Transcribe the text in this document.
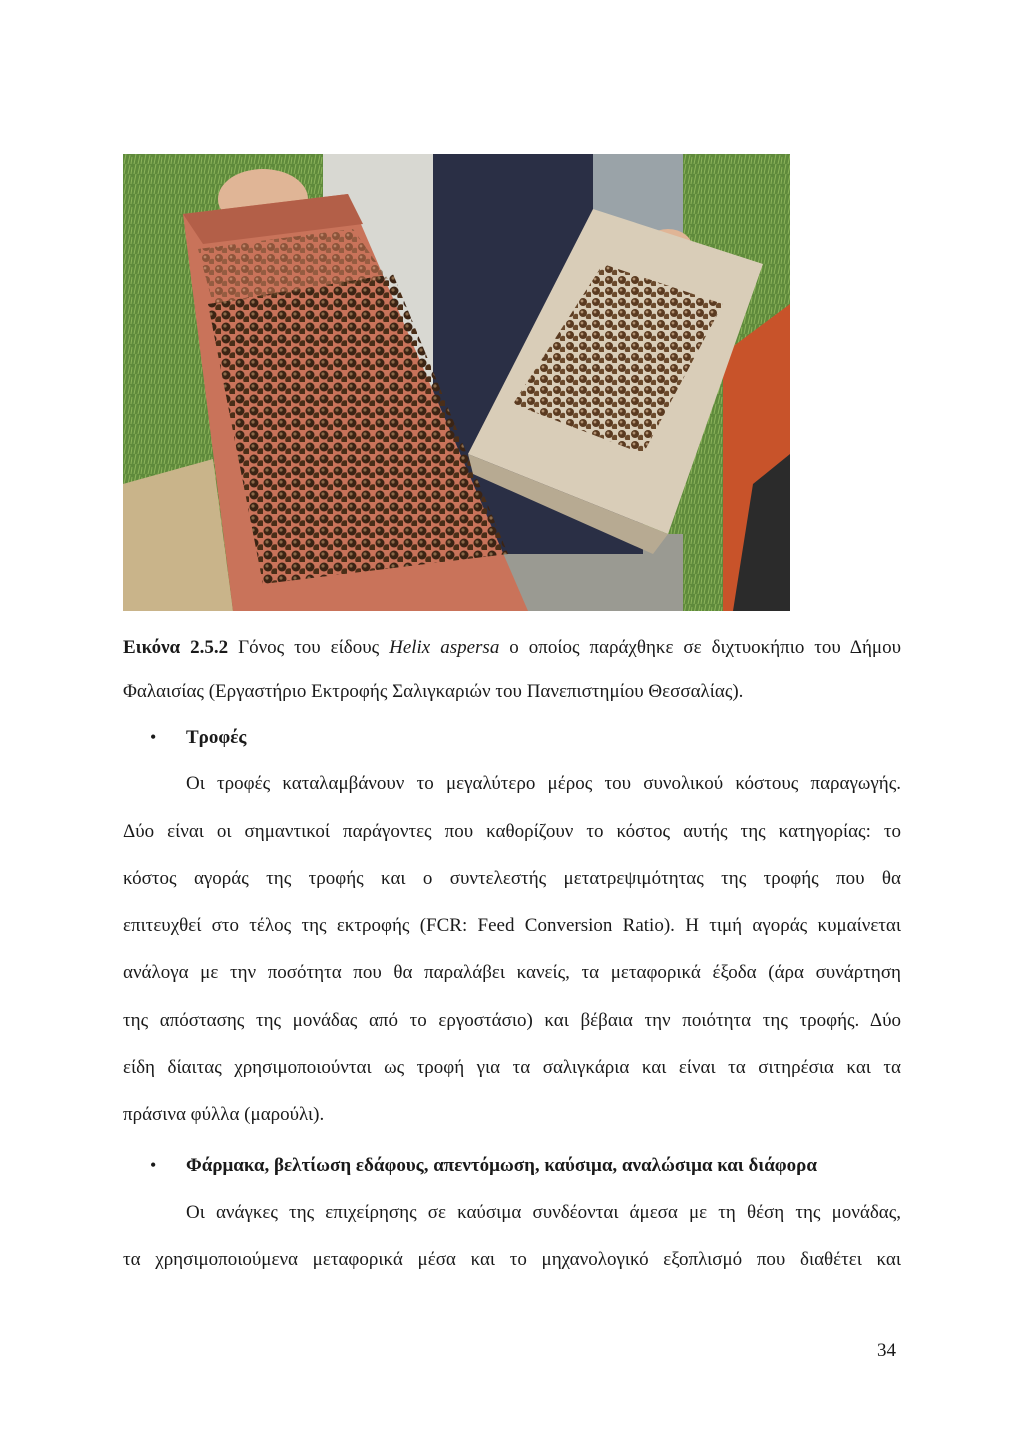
Εικόνα 2.5.2 Γόνος του είδους Helix aspersa ο οποίος παράχθηκε σε διχτυοκήπιο του Δήμου
Φαλαισίας (Εργαστήριο Εκτροφής Σαλιγκαριών του Πανεπιστημίου Θεσσαλίας).
• Τροφές
Οι τροφές καταλαμβάνουν το μεγαλύτερο μέρος του συνολικού κόστους παραγωγής.
Δύο είναι οι σημαντικοί παράγοντες που καθορίζουν το κόστος αυτής της κατηγορίας: το
κόστος αγοράς της τροφής και ο συντελεστής μετατρεψιμότητας της τροφής που θα
επιτευχθεί στο τέλος της εκτροφής (FCR: Feed Conversion Ratio). Η τιμή αγοράς κυμαίνεται
ανάλογα με την ποσότητα που θα παραλάβει κανείς, τα μεταφορικά έξοδα (άρα συνάρτηση
της απόστασης της μονάδας από το εργοστάσιο) και βέβαια την ποιότητα της τροφής. Δύο
είδη δίαιτας χρησιμοποιούνται ως τροφή για τα σαλιγκάρια και είναι τα σιτηρέσια και τα
πράσινα φύλλα (μαρούλι).
• Φάρμακα, βελτίωση εδάφους, απεντόμωση, καύσιμα, αναλώσιμα και διάφορα
Οι ανάγκες της επιχείρησης σε καύσιμα συνδέονται άμεσα με τη θέση της μονάδας,
τα χρησιμοποιούμενα μεταφορικά μέσα και το μηχανολογικό εξοπλισμό που διαθέτει και
34
